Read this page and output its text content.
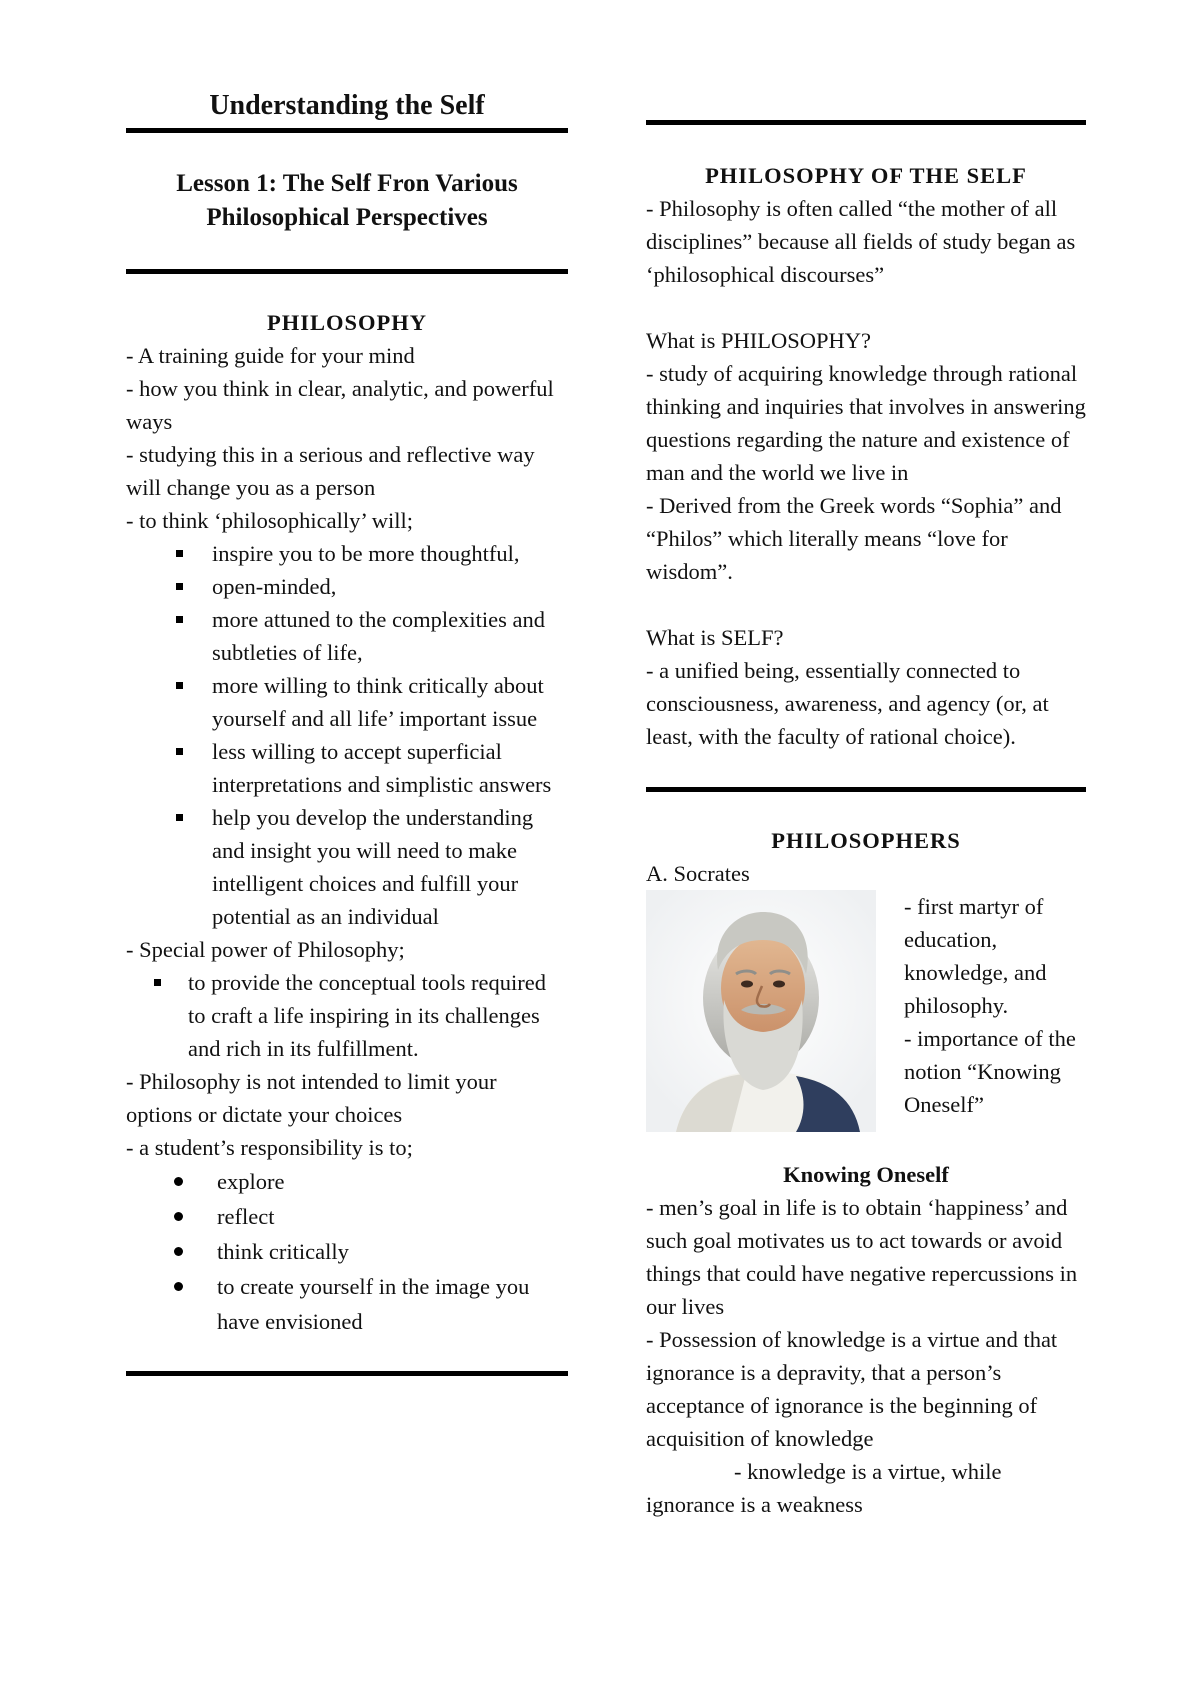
Understanding the Self
Lesson 1: The Self Fron Various
Philosophical Perspectives
PHILOSOPHY

- A training guide for your mind

- how you think in clear, analytic, and powerful ways

- studying this in a serious and reflective way will change you as a person

- to think ‘philosophically’ will;

inspire you to be more thoughtful,
open-minded,
more attuned to the complexities and subtleties of life,
more willing to think critically about yourself and all life’ important issue
less willing to accept superficial interpretations and simplistic answers
help you develop the understanding and insight you will need to make intelligent choices and fulfill your potential as an individual

- Special power of Philosophy;

to provide the conceptual tools required to craft a life inspiring in its challenges and rich in its fulfillment.

- Philosophy is not intended to limit your options or dictate your choices

- a student’s responsibility is to;

explore
reflect
think critically
to create yourself in the image you have envisioned
PHILOSOPHY OF THE SELF

- Philosophy is often called “the mother of all disciplines” because all fields of study began as ‘philosophical discourses”

What is PHILOSOPHY?

- study of acquiring knowledge through rational thinking and inquiries that involves in answering questions regarding the nature and existence of man and the world we live in

- Derived from the Greek words “Sophia” and “Philos” which literally means “love for wisdom”.

What is SELF?

- a unified being, essentially connected to consciousness, awareness, and agency (or, at least, with the faculty of rational choice).

PHILOSOPHERS

A. Socrates

- first martyr of education, knowledge, and philosophy.

- importance of the notion “Knowing Oneself”

Knowing Oneself

- men’s goal in life is to obtain ‘happiness’ and such goal motivates us to act towards or avoid things that could have negative repercussions in our lives

- Possession of knowledge is a virtue and that ignorance is a depravity, that a person’s acceptance of ignorance is the beginning of acquisition of knowledge

- knowledge is a virtue, while

ignorance is a weakness
